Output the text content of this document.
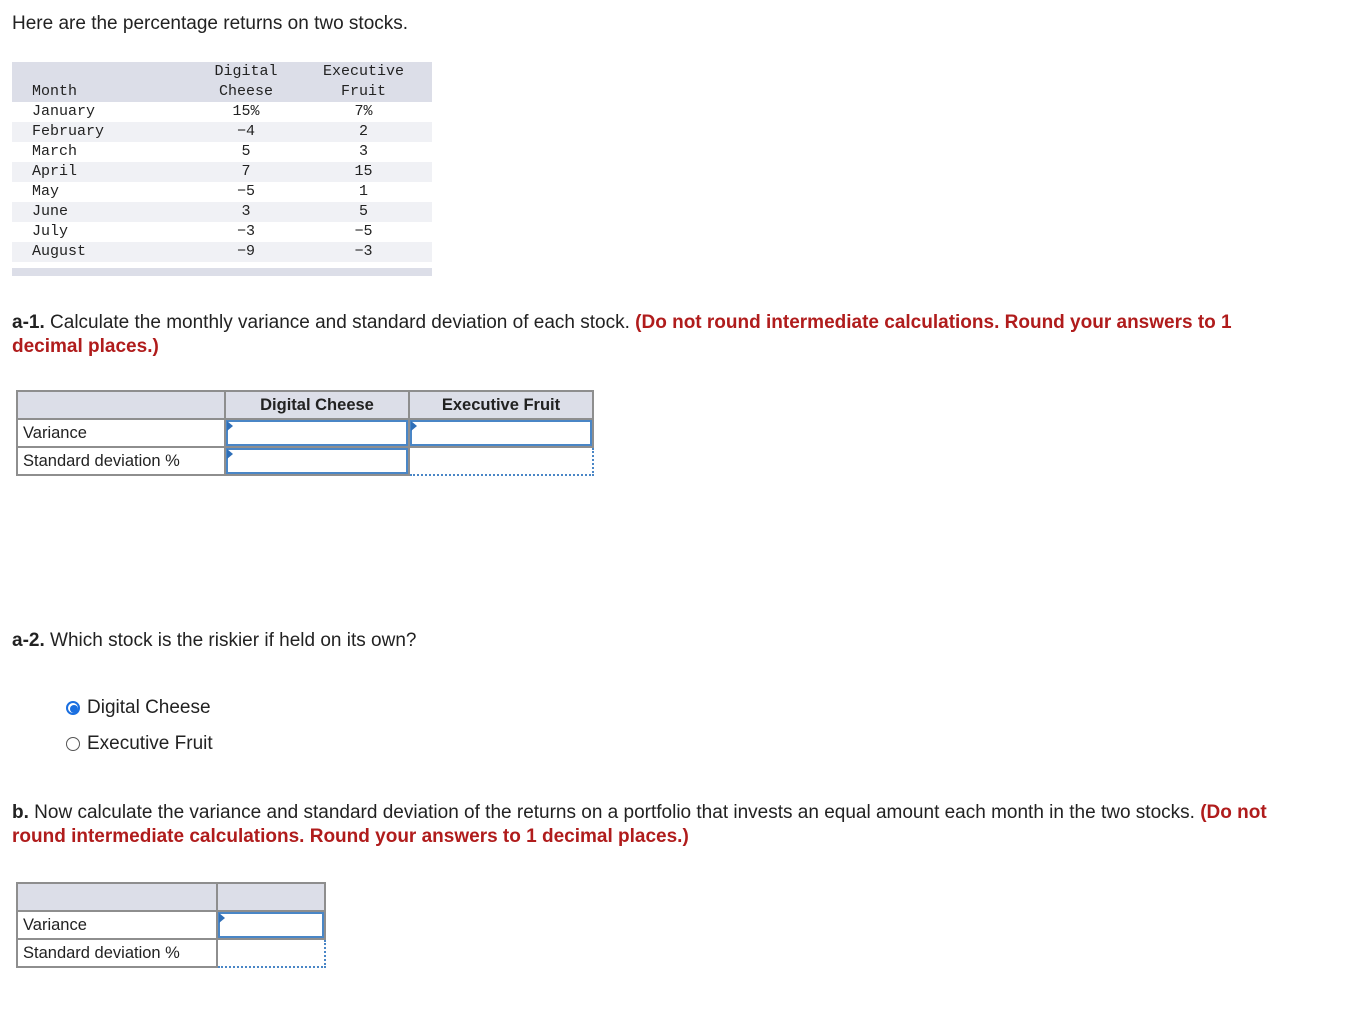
Here are the percentage returns on two stocks.
Month	Digital	Executive
	Cheese	Fruit
January	15%	7%
February	−4	2
March	5	3
April	7	15
May	−5	1
June	3	5
July	−3	−5
August	−9	−3

a-1. Calculate the monthly variance and standard deviation of each stock. (Do not round intermediate calculations. Round your answers to 1 decimal places.)
	Digital Cheese	Executive Fruit
Variance	

Standard deviation %	

a-2. Which stock is the riskier if held on its own?
Digital Cheese
Executive Fruit
b. Now calculate the variance and standard deviation of the returns on a portfolio that invests an equal amount each month in the two stocks. (Do not round intermediate calculations. Round your answers to 1 decimal places.)

Variance	

Standard deviation %	
